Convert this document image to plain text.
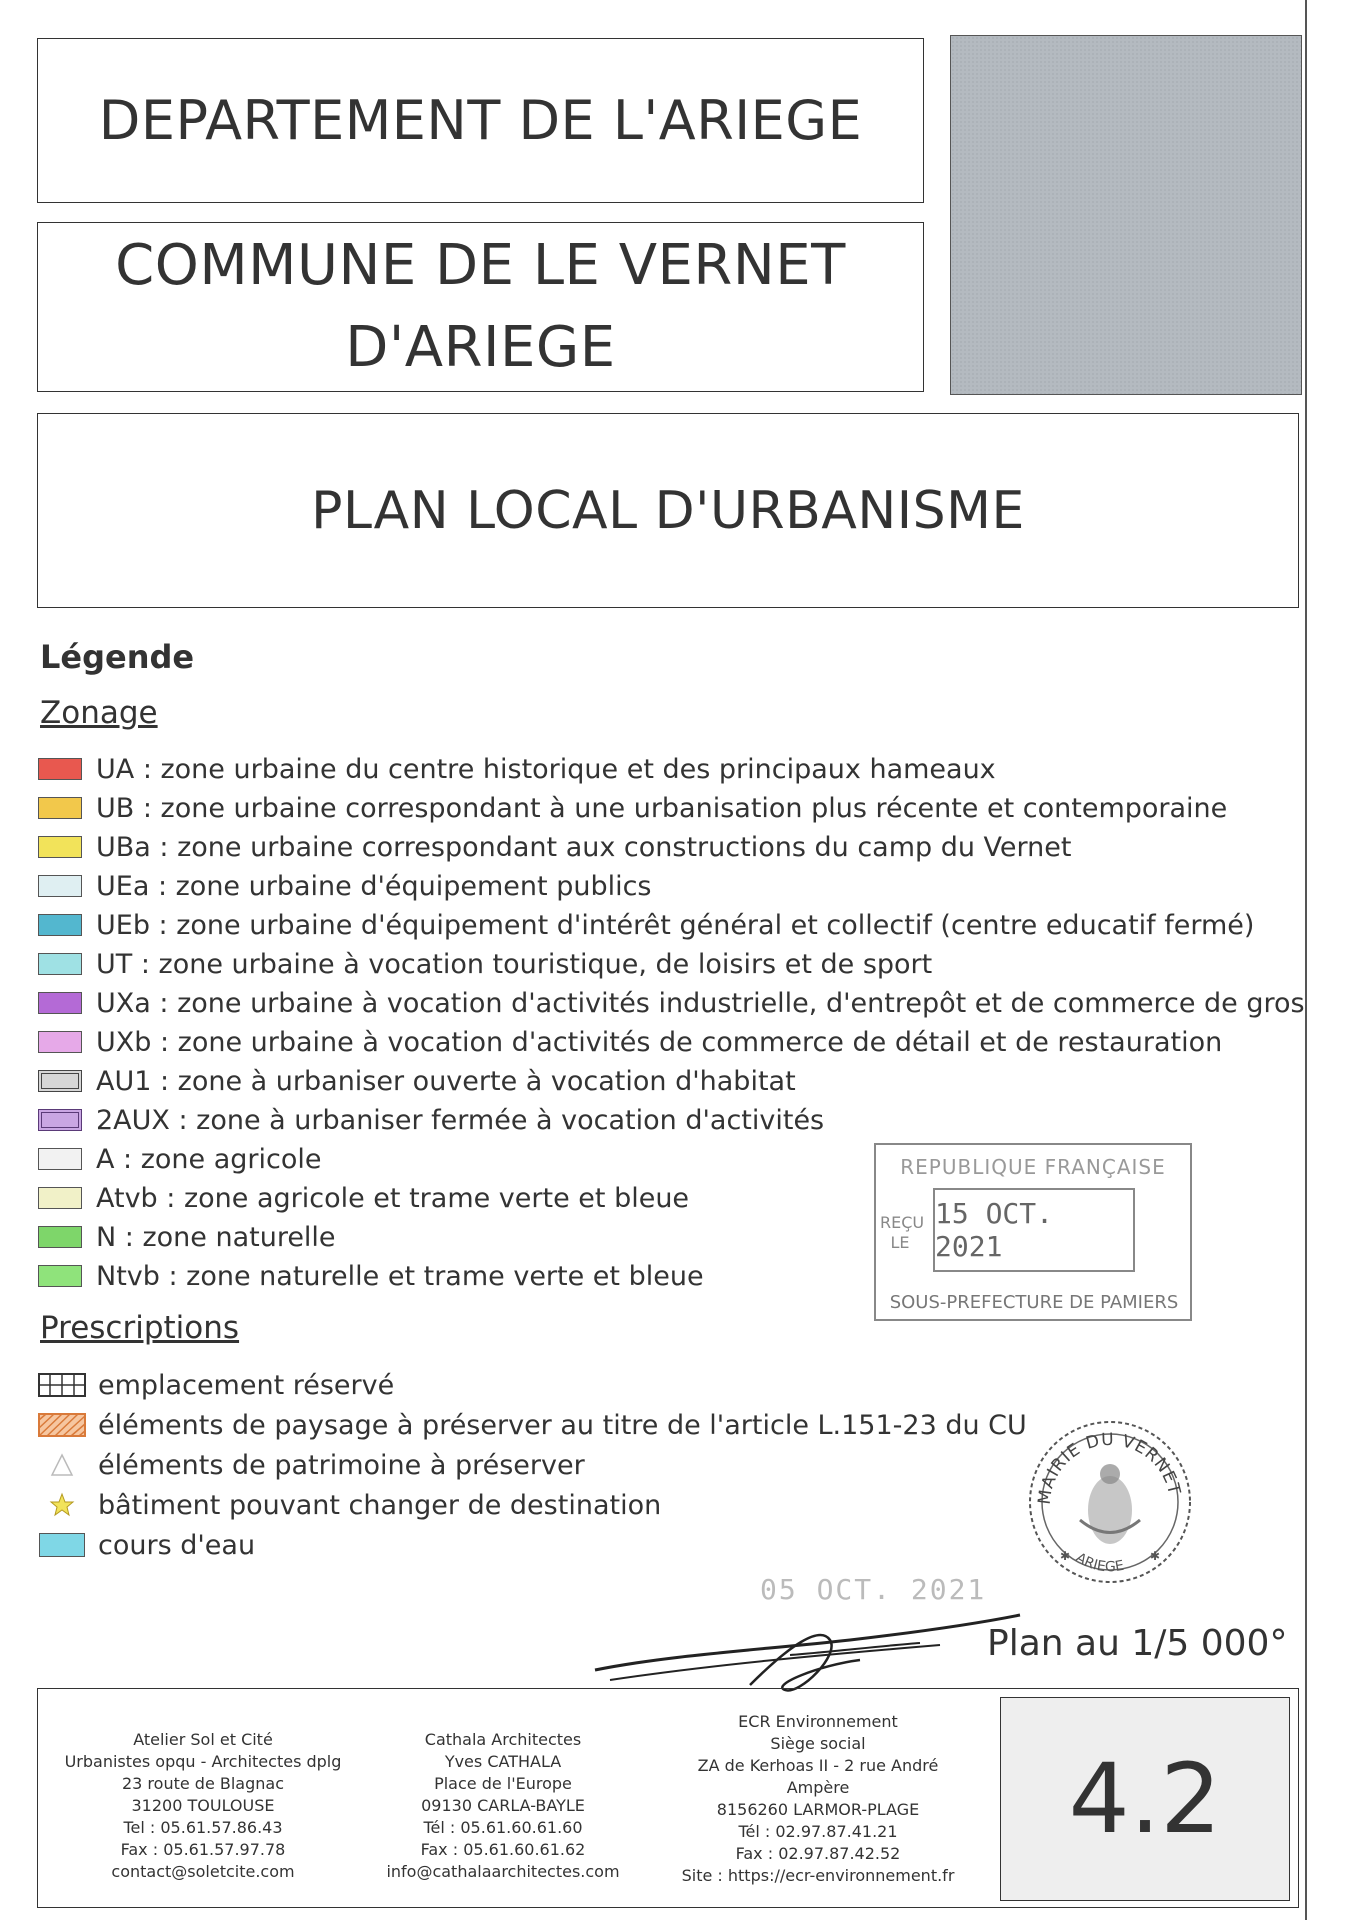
DEPARTEMENT DE L'ARIEGE
COMMUNE DE LE VERNET
D'ARIEGE
PLAN LOCAL D'URBANISME
Légende
Zonage
UA : zone urbaine du centre historique et des principaux hameaux
UB : zone urbaine correspondant à une urbanisation plus récente et contemporaine
UBa : zone urbaine correspondant aux constructions du camp du Vernet
UEa : zone urbaine d'équipement publics
UEb : zone urbaine d'équipement d'intérêt général et collectif (centre educatif fermé)
UT : zone urbaine à vocation touristique, de loisirs et de sport
UXa : zone urbaine à vocation d'activités industrielle, d'entrepôt et de commerce de gros
UXb : zone urbaine à vocation d'activités de commerce de détail et de restauration
AU1 : zone à urbaniser ouverte à vocation d'habitat
2AUX : zone à urbaniser fermée à vocation d'activités
A : zone agricole
Atvb : zone agricole et trame verte et bleue
N : zone naturelle
Ntvb : zone naturelle et trame verte et bleue
Prescriptions
emplacement réservé
éléments de paysage à préserver au titre de l'article L.151-23 du CU
éléments de patrimoine à préserver
bâtiment pouvant changer de destination
cours d'eau
REPUBLIQUE FRANÇAISE
REÇU
LE
15 OCT. 2021
SOUS-PREFECTURE DE PAMIERS
MAIRIE DU VERNET
ARIEGE
✱	✱
05 OCT. 2021
Plan au 1/5 000°
Atelier Sol et Cité
Urbanistes opqu - Architectes dplg
23 route de Blagnac
31200 TOULOUSE
Tel : 05.61.57.86.43
Fax : 05.61.57.97.78
contact@soletcite.com
Cathala Architectes
Yves CATHALA
Place de l'Europe
09130 CARLA-BAYLE
Tél : 05.61.60.61.60
Fax : 05.61.60.61.62
info@cathalaarchitectes.com
ECR Environnement
Siège social
ZA de Kerhoas II - 2 rue André
Ampère
8156260 LARMOR-PLAGE
Tél : 02.97.87.41.21
Fax : 02.97.87.42.52
Site : https://ecr-environnement.fr
4.2
